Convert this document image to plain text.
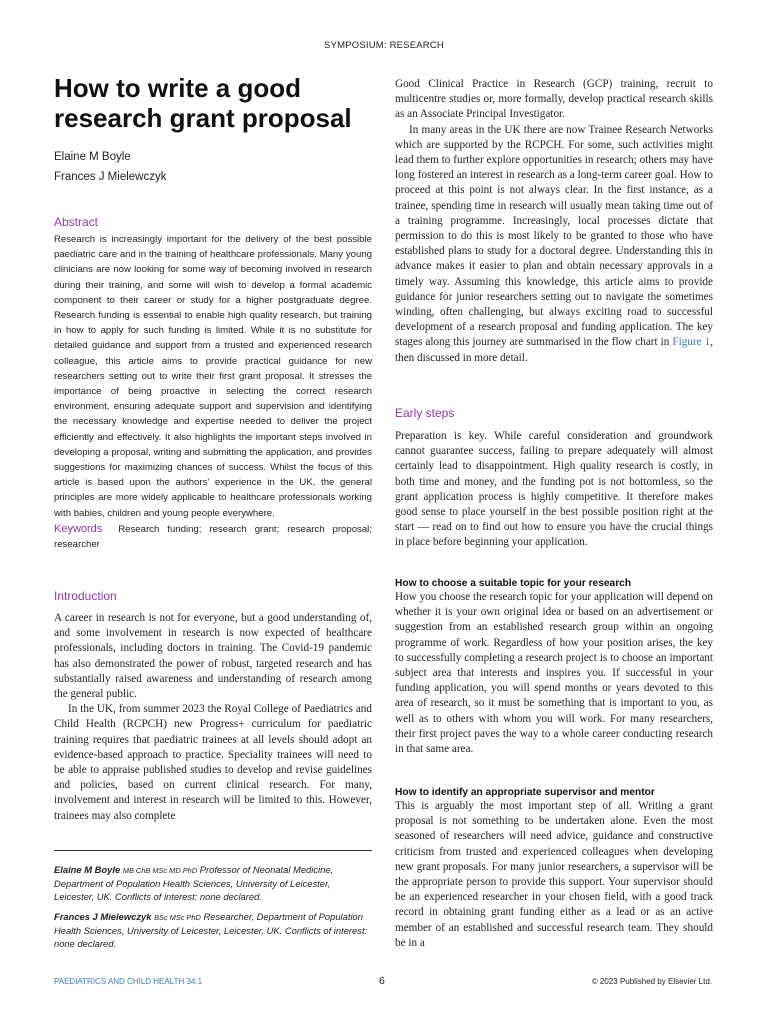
SYMPOSIUM: RESEARCH
How to write a good
research grant proposal
Elaine M Boyle
Frances J Mielewczyk
Abstract

Research is increasingly important for the delivery of the best possible paediatric care and in the training of healthcare professionals. Many young clinicians are now looking for some way of becoming involved in research during their training, and some will wish to develop a formal academic component to their career or study for a higher postgraduate degree. Research funding is essential to enable high quality research, but training in how to apply for such funding is limited. While it is no substitute for detailed guidance and support from a trusted and experienced research colleague, this article aims to provide practical guidance for new researchers setting out to write their first grant proposal. It stresses the importance of being proactive in selecting the correct research environment, ensuring adequate support and supervision and identifying the necessary knowledge and expertise needed to deliver the project efficiently and effectively. It also highlights the important steps involved in developing a proposal, writing and submitting the application, and provides suggestions for maximizing chances of success. Whilst the focus of this article is based upon the authors' experience in the UK, the general principles are more widely applicable to healthcare professionals working with babies, children and young people everywhere.

Keywords Research funding; research grant; research proposal; researcher

Introduction

A career in research is not for everyone, but a good understanding of, and some involvement in research is now expected of healthcare professionals, including doctors in training. The Covid-19 pandemic has also demonstrated the power of robust, targeted research and has substantially raised awareness and understanding of research among the general public.

In the UK, from summer 2023 the Royal College of Paediatrics and Child Health (RCPCH) new Progress+ curriculum for paediatric training requires that paediatric trainees at all levels should adopt an evidence-based approach to practice. Speciality trainees will need to be able to appraise published studies to develop and revise guidelines and policies, based on current clinical research. For many, involvement and interest in research will be limited to this. However, trainees may also complete

Elaine M Boyle MB ChB MSc MD PhD Professor of Neonatal Medicine, Department of Population Health Sciences, University of Leicester, Leicester, UK. Conflicts of interest: none declared.

Frances J Mielewczyk BSc MSc PhD Researcher, Department of Population Health Sciences, University of Leicester, Leicester, UK. Conflicts of interest: none declared.

Good Clinical Practice in Research (GCP) training, recruit to multicentre studies or, more formally, develop practical research skills as an Associate Principal Investigator.

In many areas in the UK there are now Trainee Research Networks which are supported by the RCPCH. For some, such activities might lead them to further explore opportunities in research; others may have long fostered an interest in research as a long-term career goal. How to proceed at this point is not always clear. In the first instance, as a trainee, spending time in research will usually mean taking time out of a training programme. Increasingly, local processes dictate that permission to do this is most likely to be granted to those who have established plans to study for a doctoral degree. Understanding this in advance makes it easier to plan and obtain necessary approvals in a timely way. Assuming this knowledge, this article aims to provide guidance for junior researchers setting out to navigate the sometimes winding, often challenging, but always exciting road to successful development of a research proposal and funding application. The key stages along this journey are summarised in the flow chart in Figure 1, then discussed in more detail.

Early steps

Preparation is key. While careful consideration and groundwork cannot guarantee success, failing to prepare adequately will almost certainly lead to disappointment. High quality research is costly, in both time and money, and the funding pot is not bottomless, so the grant application process is highly competitive. It therefore makes good sense to place yourself in the best possible position right at the start — read on to find out how to ensure you have the crucial things in place before beginning your application.

How to choose a suitable topic for your research

How you choose the research topic for your application will depend on whether it is your own original idea or based on an advertisement or suggestion from an established research group within an ongoing programme of work. Regardless of how your position arises, the key to successfully completing a research project is to choose an important subject area that interests and inspires you. If successful in your funding application, you will spend months or years devoted to this area of research, so it must be something that is important to you, as well as to others with whom you will work. For many researchers, their first project paves the way to a whole career conducting research in that same area.

How to identify an appropriate supervisor and mentor

This is arguably the most important step of all. Writing a grant proposal is not something to be undertaken alone. Even the most seasoned of researchers will need advice, guidance and constructive criticism from trusted and experienced colleagues when developing new grant proposals. For many junior researchers, a supervisor will be the appropriate person to provide this support. Your supervisor should be an experienced researcher in your chosen field, with a good track record in obtaining grant funding either as a lead or as an active member of an established and successful research team. They should be in a

PAEDIATRICS AND CHILD HEALTH 34:1	6	© 2023 Published by Elsevier Ltd.
